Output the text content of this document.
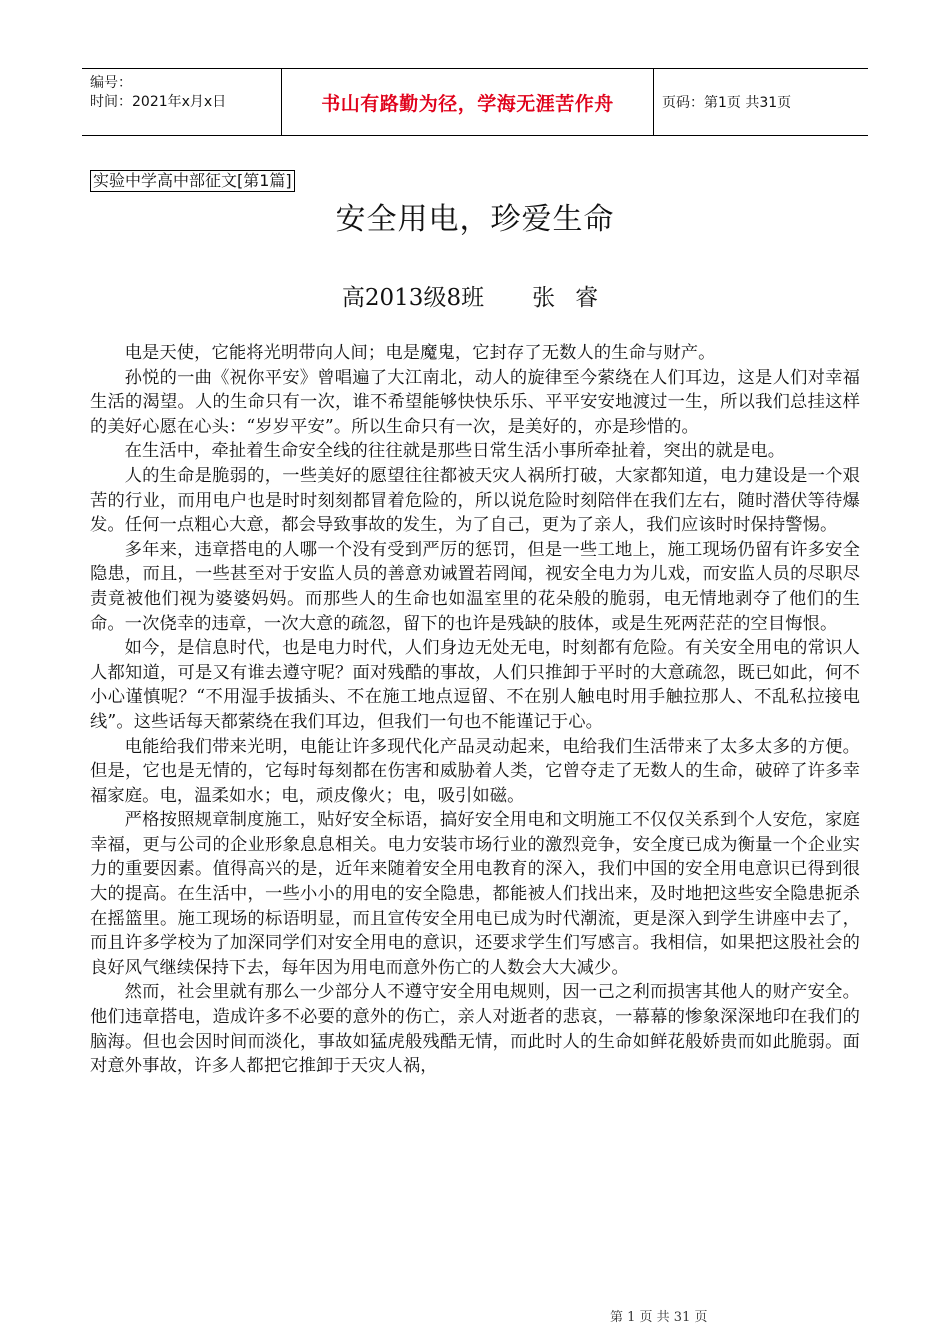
编号：
时间：2021年x月x日	书山有路勤为径，学海无涯苦作舟	页码：第1页 共31页
实验中学高中部征文[第1篇]
安全用电，珍爱生命
高2013级8班 张 睿

电是天使，它能将光明带向人间；电是魔鬼，它封存了无数人的生命与财产。

孙悦的一曲《祝你平安》曾唱遍了大江南北，动人的旋律至今萦绕在人们耳边，这是人们对幸福生活的渴望。人的生命只有一次，谁不希望能够快快乐乐、平平安安地渡过一生，所以我们总挂这样的美好心愿在心头：“岁岁平安”。所以生命只有一次，是美好的，亦是珍惜的。

在生活中，牵扯着生命安全线的往往就是那些日常生活小事所牵扯着，突出的就是电。

人的生命是脆弱的，一些美好的愿望往往都被天灾人祸所打破，大家都知道，电力建设是一个艰苦的行业，而用电户也是时时刻刻都冒着危险的，所以说危险时刻陪伴在我们左右，随时潜伏等待爆发。任何一点粗心大意，都会导致事故的发生，为了自己，更为了亲人，我们应该时时保持警惕。

多年来，违章搭电的人哪一个没有受到严厉的惩罚，但是一些工地上，施工现场仍留有许多安全隐患，而且，一些甚至对于安监人员的善意劝诫置若罔闻，视安全电力为儿戏，而安监人员的尽职尽责竟被他们视为婆婆妈妈。而那些人的生命也如温室里的花朵般的脆弱，电无情地剥夺了他们的生命。一次侥幸的违章，一次大意的疏忽，留下的也许是残缺的肢体，或是生死两茫茫的空目悔恨。

如今，是信息时代，也是电力时代，人们身边无处无电，时刻都有危险。有关安全用电的常识人人都知道，可是又有谁去遵守呢？面对残酷的事故，人们只推卸于平时的大意疏忽，既已如此，何不小心谨慎呢？“不用湿手拔插头、不在施工地点逗留、不在别人触电时用手触拉那人、不乱私拉接电线”。这些话每天都萦绕在我们耳边，但我们一句也不能谨记于心。

电能给我们带来光明，电能让许多现代化产品灵动起来，电给我们生活带来了太多太多的方便。但是，它也是无情的，它每时每刻都在伤害和威胁着人类，它曾夺走了无数人的生命，破碎了许多幸福家庭。电，温柔如水；电，顽皮像火；电，吸引如磁。

严格按照规章制度施工，贴好安全标语，搞好安全用电和文明施工不仅仅关系到个人安危，家庭幸福，更与公司的企业形象息息相关。电力安装市场行业的激烈竞争，安全度已成为衡量一个企业实力的重要因素。值得高兴的是，近年来随着安全用电教育的深入，我们中国的安全用电意识已得到很大的提高。在生活中，一些小小的用电的安全隐患，都能被人们找出来，及时地把这些安全隐患扼杀在摇篮里。施工现场的标语明显，而且宣传安全用电已成为时代潮流，更是深入到学生讲座中去了，而且许多学校为了加深同学们对安全用电的意识，还要求学生们写感言。我相信，如果把这股社会的良好风气继续保持下去，每年因为用电而意外伤亡的人数会大大减少。

然而，社会里就有那么一少部分人不遵守安全用电规则，因一己之利而损害其他人的财产安全。他们违章搭电，造成许多不必要的意外的伤亡，亲人对逝者的悲哀，一幕幕的惨象深深地印在我们的脑海。但也会因时间而淡化，事故如猛虎般残酷无情，而此时人的生命如鲜花般娇贵而如此脆弱。面对意外事故，许多人都把它推卸于天灾人祸，

第 1 页 共 31 页
